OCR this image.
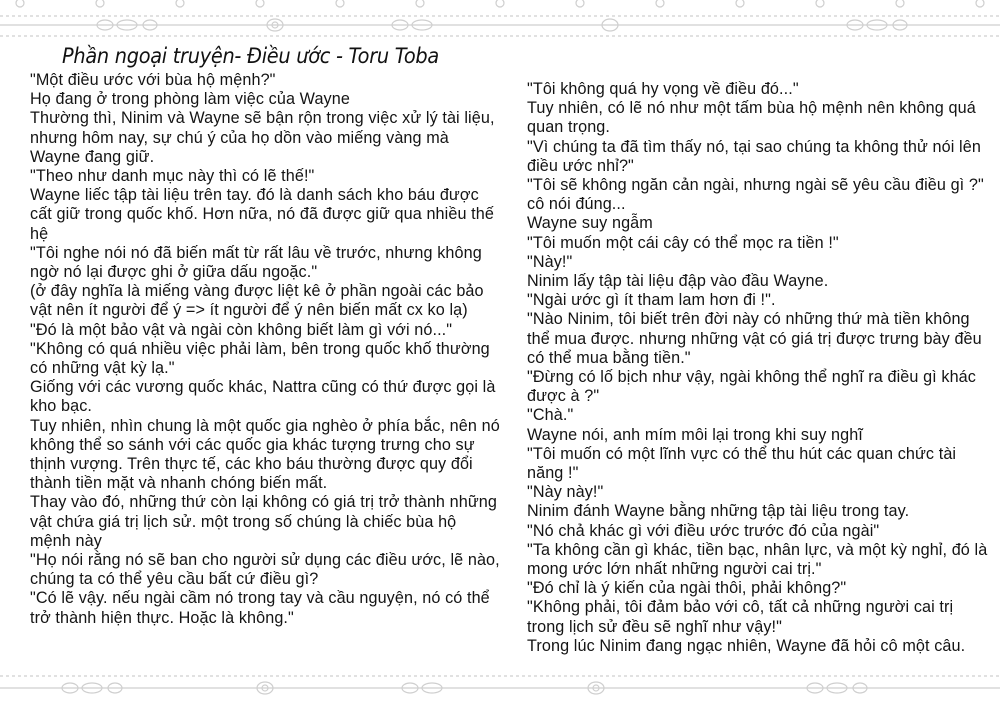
Phần ngoại truyện- Điều ước - Toru Toba

"Một điều ước với bùa hộ mệnh?"

Họ đang ở trong phòng làm việc của Wayne

Thường thì, Ninim và Wayne sẽ bận rộn trong việc xử lý tài liệu, nhưng hôm nay, sự chú ý của họ dồn vào miếng vàng mà Wayne đang giữ.

"Theo như danh mục này thì có lẽ thế!"

Wayne liếc tập tài liệu trên tay. đó là danh sách kho báu được cất giữ trong quốc khố. Hơn nữa, nó đã được giữ qua nhiều thế hệ

"Tôi nghe nói nó đã biến mất từ rất lâu về trước, nhưng không ngờ nó lại được ghi ở giữa dấu ngoặc."

(ở đây nghĩa là miếng vàng được liệt kê ở phần ngoài các bảo vật nên ít người để ý => ít người để ý nên biến mất cx ko lạ)

"Đó là một bảo vật và ngài còn không biết làm gì với nó..."

"Không có quá nhiều việc phải làm, bên trong quốc khố thường có những vật kỳ lạ."

Giống với các vương quốc khác, Nattra cũng có thứ được gọi là kho bạc.

Tuy nhiên, nhìn chung là một quốc gia nghèo ở phía bắc, nên nó không thể so sánh với các quốc gia khác tượng trưng cho sự thịnh vượng. Trên thực tế, các kho báu thường được quy đổi thành tiền mặt và nhanh chóng biến mất.

Thay vào đó, những thứ còn lại không có giá trị trở thành những vật chứa giá trị lịch sử. một trong số chúng là chiếc bùa hộ mệnh này

"Họ nói rằng nó sẽ ban cho người sử dụng các điều ước, lẽ nào, chúng ta có thể yêu cầu bất cứ điều gì?

"Có lẽ vậy. nếu ngài cầm nó trong tay và cầu nguyện, nó có thể trở thành hiện thực. Hoặc là không."

"Tôi không quá hy vọng về điều đó..."

Tuy nhiên, có lẽ nó như một tấm bùa hộ mệnh nên không quá quan trọng.

"Vì chúng ta đã tìm thấy nó, tại sao chúng ta không thử nói lên điều ước nhỉ?"

"Tôi sẽ không ngăn cản ngài, nhưng ngài sẽ yêu cầu điều gì ?"

cô nói đúng...

Wayne suy ngẫm

"Tôi muốn một cái cây có thể mọc ra tiền !"

"Này!"

Ninim lấy tập tài liệu đập vào đầu Wayne.

"Ngài ước gì ít tham lam hơn đi !".

"Nào Ninim, tôi biết trên đời này có những thứ mà tiền không thể mua được. nhưng những vật có giá trị được trưng bày đều có thể mua bằng tiền."

"Đừng có lố bịch như vậy, ngài không thể nghĩ ra điều gì khác được à ?"

"Chà."

Wayne nói, anh mím môi lại trong khi suy nghĩ

"Tôi muốn có một lĩnh vực có thể thu hút các quan chức tài năng !"

"Này này!"

Ninim đánh Wayne bằng những tập tài liệu trong tay.

"Nó chả khác gì với điều ước trước đó của ngài"

"Ta không cần gì khác, tiền bạc, nhân lực, và một kỳ nghỉ, đó là mong ước lớn nhất những người cai trị."

"Đó chỉ là ý kiến của ngài thôi, phải không?"

"Không phải, tôi đảm bảo với cô, tất cả những người cai trị trong lịch sử đều sẽ nghĩ như vậy!"

Trong lúc Ninim đang ngạc nhiên, Wayne đã hỏi cô một câu.
